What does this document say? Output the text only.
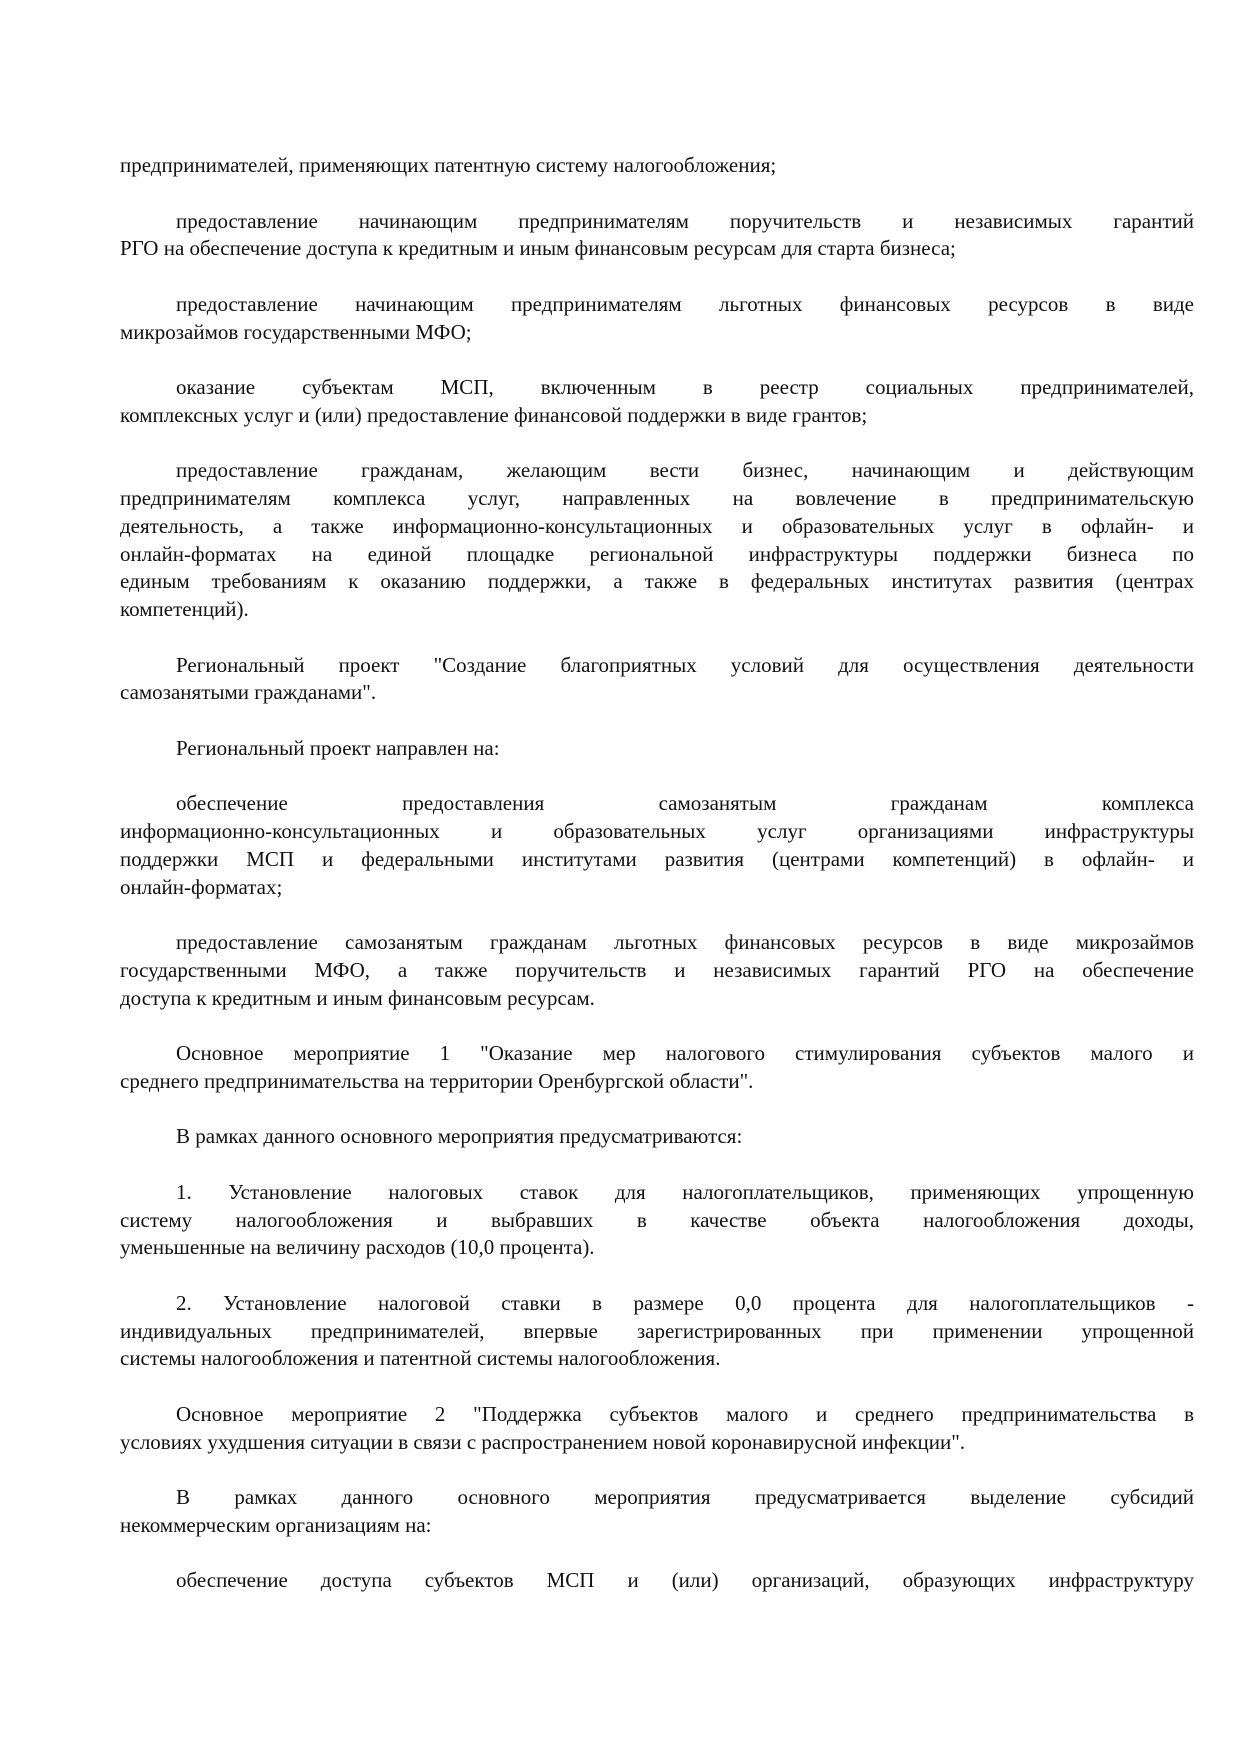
предпринимателей, применяющих патентную систему налогообложения;
предоставление начинающим предпринимателям поручительств и независимых гарантий
РГО на обеспечение доступа к кредитным и иным финансовым ресурсам для старта бизнеса;
предоставление начинающим предпринимателям льготных финансовых ресурсов в виде
микрозаймов государственными МФО;
оказание субъектам МСП, включенным в реестр социальных предпринимателей,
комплексных услуг и (или) предоставление финансовой поддержки в виде грантов;
предоставление гражданам, желающим вести бизнес, начинающим и действующим
предпринимателям комплекса услуг, направленных на вовлечение в предпринимательскую
деятельность, а также информационно-консультационных и образовательных услуг в офлайн- и
онлайн-форматах на единой площадке региональной инфраструктуры поддержки бизнеса по
единым требованиям к оказанию поддержки, а также в федеральных институтах развития (центрах
компетенций).
Региональный проект "Создание благоприятных условий для осуществления деятельности
самозанятыми гражданами".
Региональный проект направлен на:
обеспечение предоставления самозанятым гражданам комплекса
информационно-консультационных и образовательных услуг организациями инфраструктуры
поддержки МСП и федеральными институтами развития (центрами компетенций) в офлайн- и
онлайн-форматах;
предоставление самозанятым гражданам льготных финансовых ресурсов в виде микрозаймов
государственными МФО, а также поручительств и независимых гарантий РГО на обеспечение
доступа к кредитным и иным финансовым ресурсам.
Основное мероприятие 1 "Оказание мер налогового стимулирования субъектов малого и
среднего предпринимательства на территории Оренбургской области".
В рамках данного основного мероприятия предусматриваются:
1. Установление налоговых ставок для налогоплательщиков, применяющих упрощенную
систему налогообложения и выбравших в качестве объекта налогообложения доходы,
уменьшенные на величину расходов (10,0 процента).
2. Установление налоговой ставки в размере 0,0 процента для налогоплательщиков -
индивидуальных предпринимателей, впервые зарегистрированных при применении упрощенной
системы налогообложения и патентной системы налогообложения.
Основное мероприятие 2 "Поддержка субъектов малого и среднего предпринимательства в
условиях ухудшения ситуации в связи с распространением новой коронавирусной инфекции".
В рамках данного основного мероприятия предусматривается выделение субсидий
некоммерческим организациям на:
обеспечение доступа субъектов МСП и (или) организаций, образующих инфраструктуру
